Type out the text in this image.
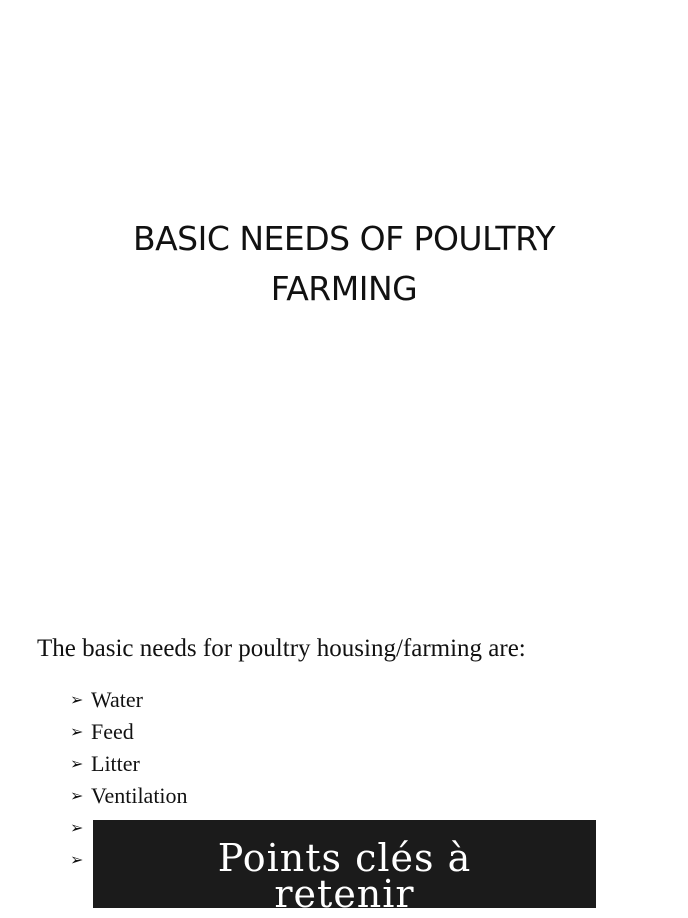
BASIC NEEDS OF POULTRY
FARMING
The basic needs for poultry housing/farming are:
➢ Water
➢ Feed
➢ Litter
➢ Ventilation
➢
➢	Points clés à
retenir
